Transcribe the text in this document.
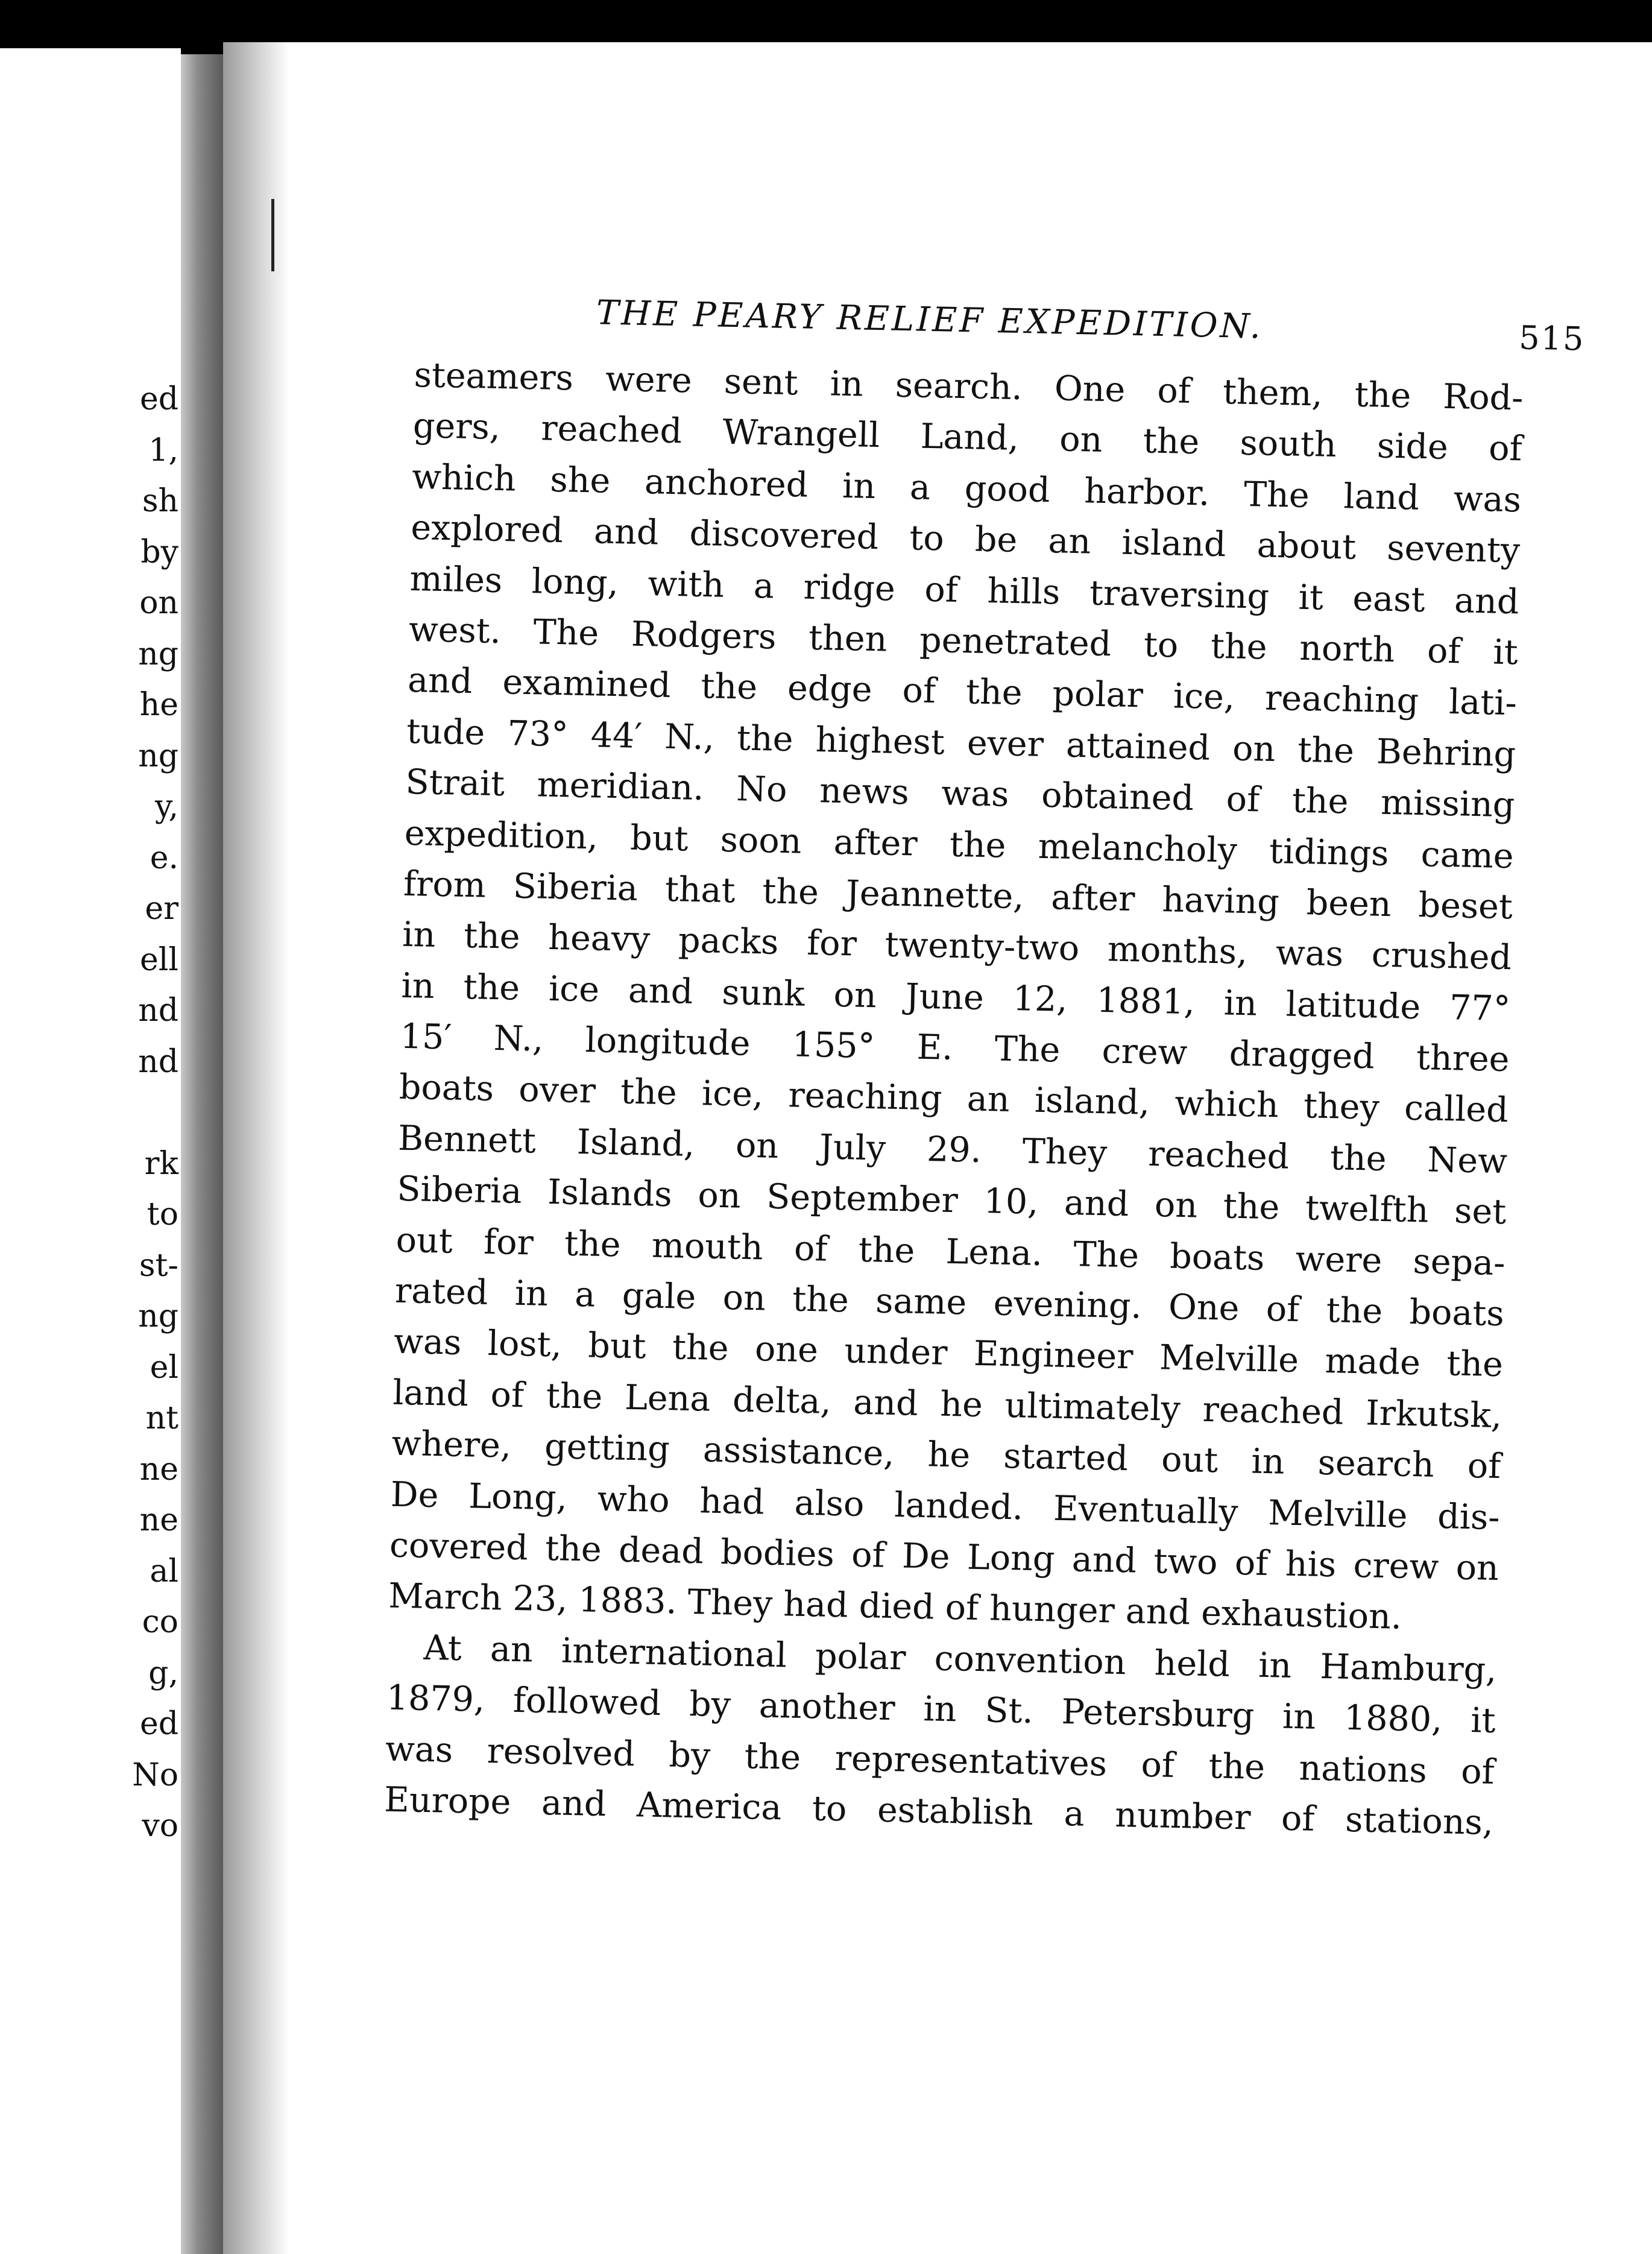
ed
1,
sh
by
on
ng
he
ng
y,
e.
er
ell
nd
nd
rk
to
st-
ng
el
nt
ne
ne
al
co
g,
ed
No
vo
THE PEARY RELIEF EXPEDITION.	515
steamers were sent in search. One of them, the Rod-
gers, reached Wrangell Land, on the south side of
which she anchored in a good harbor. The land was
explored and discovered to be an island about seventy
miles long, with a ridge of hills traversing it east and
west. The Rodgers then penetrated to the north of it
and examined the edge of the polar ice, reaching lati-
tude 73° 44′ N., the highest ever attained on the Behring
Strait meridian. No news was obtained of the missing
expedition, but soon after the melancholy tidings came
from Siberia that the Jeannette, after having been beset
in the heavy packs for twenty-two months, was crushed
in the ice and sunk on June 12, 1881, in latitude 77°
15′ N., longitude 155° E. The crew dragged three
boats over the ice, reaching an island, which they called
Bennett Island, on July 29. They reached the New
Siberia Islands on September 10, and on the twelfth set
out for the mouth of the Lena. The boats were sepa-
rated in a gale on the same evening. One of the boats
was lost, but the one under Engineer Melville made the
land of the Lena delta, and he ultimately reached Irkutsk,
where, getting assistance, he started out in search of
De Long, who had also landed. Eventually Melville dis-
covered the dead bodies of De Long and two of his crew on
March 23, 1883. They had died of hunger and exhaustion.
At an international polar convention held in Hamburg,
1879, followed by another in St. Petersburg in 1880, it
was resolved by the representatives of the nations of
Europe and America to establish a number of stations,
